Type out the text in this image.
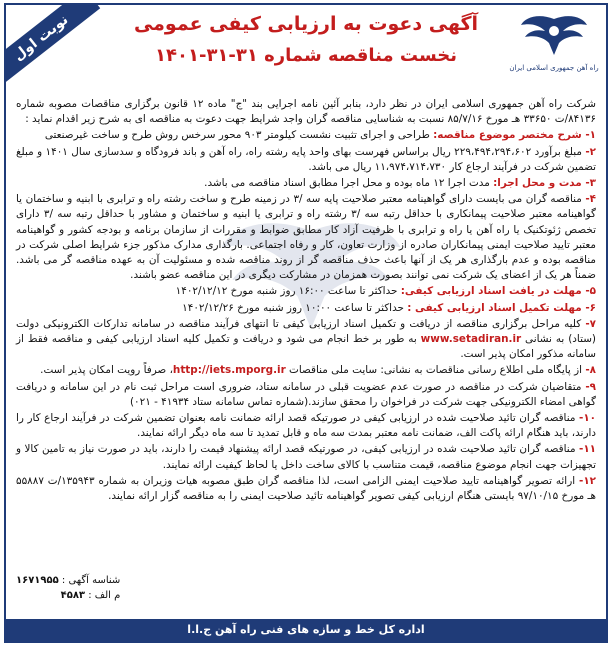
نوبت اول
راه آهن جمهوری اسلامی ایران
آگهی دعوت به ارزیابی کیفی عمومی
نخست مناقصه شماره ۳۱-۳۱-۱۴۰۱

شرکت راه آهن جمهوری اسلامی ایران در نظر دارد، بنابر آئین نامه اجرایی بند "ج" ماده ۱۲ قانون برگزاری مناقصات مصوبه شماره ۸۴۱۳۶/ت ۳۳۶۵۰ هـ مورخ ۸۵/۷/۱۶ نسبت به شناسایی مناقصه گران واجد شرایط جهت دعوت به مناقصه ای به شرح زیر اقدام نماید :

۱- شرح مختصر موضوع مناقصه: طراحی و اجرای تثبیت نشست کیلومتر ۹۰۳ محور سرخس روش طرح و ساخت غیرصنعتی

۲- مبلغ برآورد ۲۲۹،۴۹۴،۲۹۴،۶۰۲ ریال براساس فهرست بهای واحد پایه رشته راه، راه آهن و باند فرودگاه و سدسازی سال ۱۴۰۱ و مبلغ تضمین شرکت در فرآیند ارجاع کار ۱۱،۹۷۴،۷۱۴،۷۳۰ ریال می باشد.

۳- مدت و محل اجرا: مدت اجرا ۱۲ ماه بوده و محل اجرا مطابق اسناد مناقصه می باشد.

۴- مناقصه گران می بایست دارای گواهینامه معتبر صلاحیت پایه سه /۳ در زمینه طرح و ساخت رشته راه و ترابری با ابنیه و ساختمان یا گواهینامه معتبر صلاحیت پیمانکاری با حداقل رتبه سه /۳ رشته راه و ترابری یا ابنیه و ساختمان و مشاور با حداقل رتبه سه /۳ دارای تخصص ژئوتکنیک یا راه آهن یا راه و ترابری با ظرفیت آزاد کار مطابق ضوابط و مقررات از سازمان برنامه و بودجه کشور و گواهینامه معتبر تایید صلاحیت ایمنی پیمانکاران صادره از وزارت تعاون، کار و رفاه اجتماعی. بارگذاری مدارک مذکور جزء شرایط اصلی شرکت در مناقصه بوده و عدم بارگذاری هر یک از آنها باعث حذف مناقصه گر از روند مناقصه شده و مسئولیت آن به عهده مناقصه گر می باشد. ضمناً هر یک از اعضای یک شرکت نمی توانند بصورت همزمان در مشارکت دیگری در این مناقصه عضو باشند.

۵- مهلت در یافت اسناد ارزیابی کیفی: حداکثر تا ساعت ۱۶:۰۰ روز شنبه مورخ ۱۴۰۲/۱۲/۱۲

۶- مهلت تکمیل اسناد ارزیابی کیفی : حداکثر تا ساعت ۱۰:۰۰ روز شنبه مورخ ۱۴۰۲/۱۲/۲۶

۷- کلیه مراحل برگزاری مناقصه از دریافت و تکمیل اسناد ارزیابی کیفی تا انتهای فرآیند مناقصه در سامانه تدارکات الکترونیکی دولت (ستاد) به نشانی www.setadiran.ir به طور بر خط انجام می شود و دریافت و تکمیل کلیه اسناد ارزیابی کیفی و مناقصه فقط از سامانه مذکور امکان پذیر است.

۸- از پایگاه ملی اطلاع رسانی مناقصات به نشانی: سایت ملی مناقصات http://iets.mporg.ir، صرفاً رویت امکان پذیر است.

۹- متقاضیان شرکت در مناقصه در صورت عدم عضویت قبلی در سامانه ستاد، ضروری است مراحل ثبت نام در این سامانه و دریافت گواهی امضاء الکترونیکی جهت شرکت در فراخوان را محقق سازند.(شماره تماس سامانه ستاد ۴۱۹۳۴ - ۰۲۱)

۱۰- مناقصه گران تائید صلاحیت شده در ارزیابی کیفی در صورتیکه قصد ارائه ضمانت نامه بعنوان تضمین شرکت در فرآیند ارجاع کار را دارند، باید هنگام ارائه پاکت الف، ضمانت نامه معتبر بمدت سه ماه و قابل تمدید تا سه ماه دیگر ارائه نمایند.

۱۱- مناقصه گران تائید صلاحیت شده در ارزیابی کیفی، در صورتیکه قصد ارائه پیشنهاد قیمت را دارند، باید در صورت نیاز به تامین کالا و تجهیزات جهت انجام موضوع مناقصه، قیمت متناسب با کالای ساخت داخل یا لحاظ کیفیت ارائه نمایند.

۱۲- ارائه تصویر گواهینامه تایید صلاحیت ایمنی الزامی است، لذا مناقصه گران طبق مصوبه هیات وزیران به شماره ۱۳۵۹۴۳/ت ۵۵۸۸۷ هـ مورخ ۹۷/۱۰/۱۵ بایستی هنگام ارزیابی کیفی تصویر گواهینامه تائید صلاحیت ایمنی را به مناقصه گزار ارائه نمایند.

شناسه آگهی : ۱۶۷۱۹۵۵
م الف : ۴۵۸۳
اداره کل خط و سازه های فنی راه آهن ج.ا.ا
